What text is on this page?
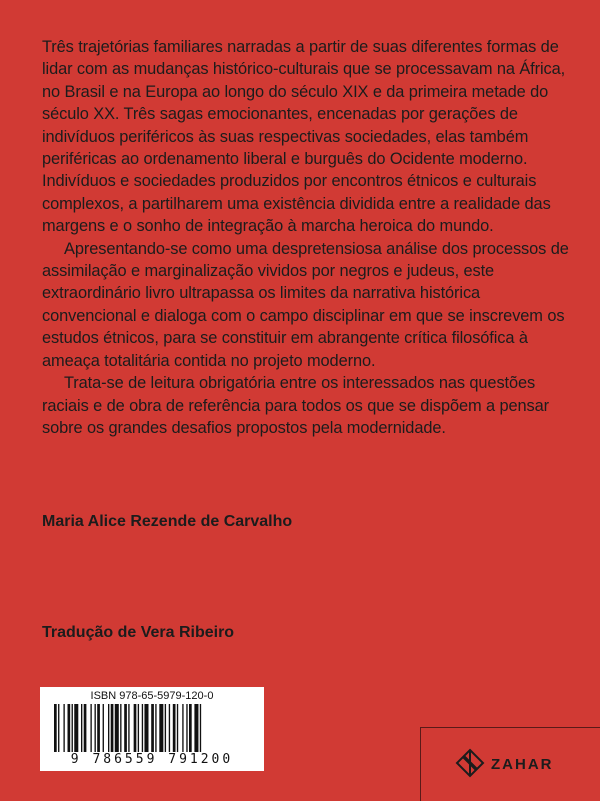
Três trajetórias familiares narradas a partir de suas diferentes formas de lidar com as mudanças histórico-culturais que se processavam na África, no Brasil e na Europa ao longo do século XIX e da primeira metade do século XX. Três sagas emocionantes, encenadas por gerações de indivíduos periféricos às suas respectivas sociedades, elas também periféricas ao ordenamento liberal e burguês do Ocidente moderno. Indivíduos e sociedades produzidos por encontros étnicos e culturais complexos, a partilharem uma existência dividida entre a realidade das margens e o sonho de integração à marcha heroica do mundo.

Apresentando-se como uma despretensiosa análise dos processos de assimilação e marginalização vividos por negros e judeus, este extraordinário livro ultrapassa os limites da narrativa histórica convencional e dialoga com o campo disciplinar em que se inscrevem os estudos étnicos, para se constituir em abrangente crítica filosófica à ameaça totalitária contida no projeto moderno.

Trata-se de leitura obrigatória entre os interessados nas questões raciais e de obra de referência para todos os que se dispõem a pensar sobre os grandes desafios propostos pela modernidade.

Maria Alice Rezende de Carvalho
Tradução de Vera Ribeiro
ISBN 978-65-5979-120-0
9 786559 791200	ZAHAR
